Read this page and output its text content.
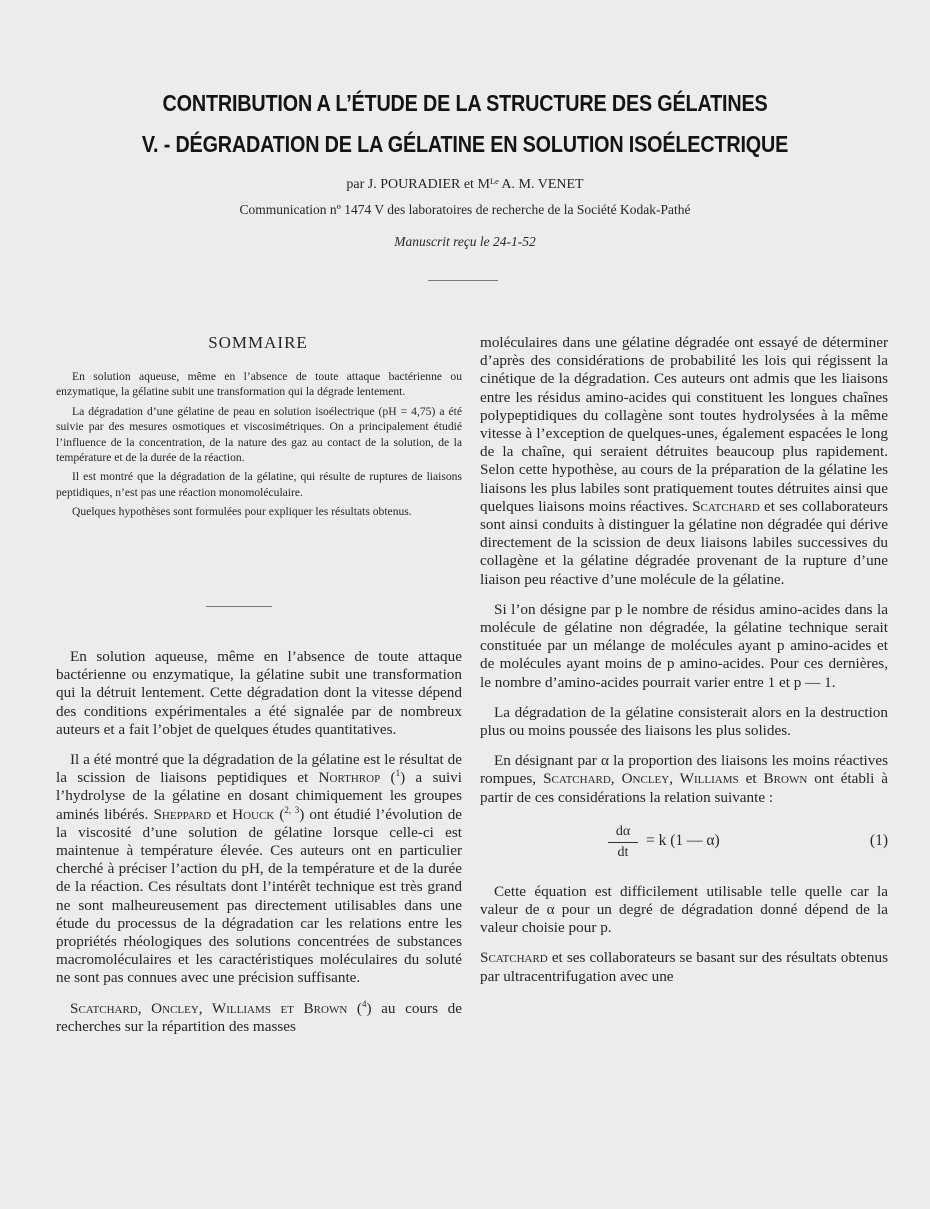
CONTRIBUTION A L’ÉTUDE DE LA STRUCTURE DES GÉLATINES
V. - DÉGRADATION DE LA GÉLATINE EN SOLUTION ISOÉLECTRIQUE
par J. POURADIER et Mᴸᵉ A. M. VENET
Communication nº 1474 V des laboratoires de recherche de la Société Kodak-Pathé
Manuscrit reçu le 24-1-52
SOMMAIRE

En solution aqueuse, même en l’absence de toute attaque bactérienne ou enzymatique, la gélatine subit une transformation qui la dégrade lentement.

La dégradation d’une gélatine de peau en solution isoélectrique (pH = 4,75) a été suivie par des mesures osmotiques et viscosimétriques. On a principalement étudié l’influence de la concentration, de la nature des gaz au contact de la solution, de la température et de la durée de la réaction.

Il est montré que la dégradation de la gélatine, qui résulte de ruptures de liaisons peptidiques, n’est pas une réaction monomoléculaire.

Quelques hypothèses sont formulées pour expliquer les résultats obtenus.

En solution aqueuse, même en l’absence de toute attaque bactérienne ou enzymatique, la gélatine subit une transformation qui la détruit lentement. Cette dégradation dont la vitesse dépend des conditions expérimentales a été signalée par de nombreux auteurs et a fait l’objet de quelques études quantitatives.

Il a été montré que la dégradation de la gélatine est le résultat de la scission de liaisons peptidiques et Northrop ($^1$) a suivi l’hydrolyse de la gélatine en dosant chimiquement les groupes aminés libérés. Sheppard et Houck ($^{2, 3}$) ont étudié l’évolution de la viscosité d’une solution de gélatine lorsque celle-ci est maintenue à température élevée. Ces auteurs ont en particulier cherché à préciser l’action du pH, de la température et de la durée de la réaction. Ces résultats dont l’intérêt technique est très grand ne sont malheureusement pas directement utilisables dans une étude du processus de la dégradation car les relations entre les propriétés rhéologiques des solutions concentrées de substances macromoléculaires et les caractéristiques moléculaires du soluté ne sont pas connues avec une précision suffisante.

Scatchard, Oncley, Williams et Brown ($^4$) au cours de recherches sur la répartition des masses

moléculaires dans une gélatine dégradée ont essayé de déterminer d’après des considérations de probabilité les lois qui régissent la cinétique de la dégradation. Ces auteurs ont admis que les liaisons entre les résidus amino-acides qui constituent les longues chaînes polypeptidiques du collagène sont toutes hydrolysées à la même vitesse à l’exception de quelques-unes, également espacées le long de la chaîne, qui seraient détruites beaucoup plus rapidement. Selon cette hypothèse, au cours de la préparation de la gélatine les liaisons les plus labiles sont pratiquement toutes détruites ainsi que quelques liaisons moins réactives. Scatchard et ses collaborateurs sont ainsi conduits à distinguer la gélatine non dégradée qui dérive directement de la scission de deux liaisons labiles successives du collagène et la gélatine dégradée provenant de la rupture d’une liaison peu réactive d’une molécule de la gélatine.

Si l’on désigne par p le nombre de résidus amino-acides dans la molécule de gélatine non dégradée, la gélatine technique serait constituée par un mélange de molécules ayant p amino-acides et de molécules ayant moins de p amino-acides. Pour ces dernières, le nombre d’amino-acides pourrait varier entre 1 et p — 1.

La dégradation de la gélatine consisterait alors en la destruction plus ou moins poussée des liaisons les plus solides.

En désignant par α la proportion des liaisons les moins réactives rompues, Scatchard, Oncley, Williams et Brown ont établi à partir de ces considérations la relation suivante :

dα
dt
= k (1 — α)	(1)

Cette équation est difficilement utilisable telle quelle car la valeur de α pour un degré de dégradation donné dépend de la valeur choisie pour p.

Scatchard et ses collaborateurs se basant sur des résultats obtenus par ultracentrifugation avec une
